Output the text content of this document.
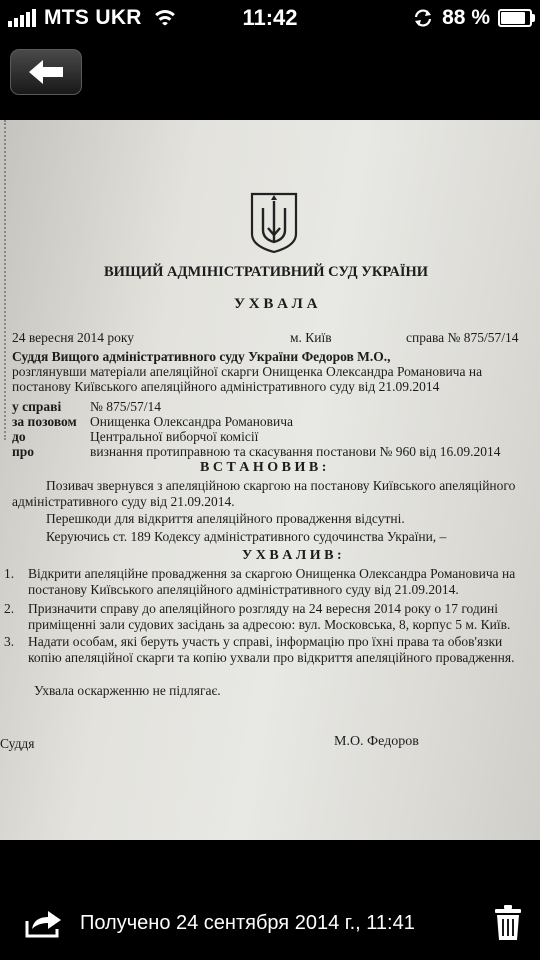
MTS UKR	11:42	88 %
ВИЩИЙ АДМІНІСТРАТИВНИЙ СУД УКРАЇНИ
У Х В А Л А
24 вересня 2014 року	м. Київ	справа № 875/57/14
Суддя Вищого адміністративного суду України Федоров М.О.,
розглянувши матеріали апеляційної скарги Онищенка Олександра Романовича на
постанову Київського апеляційного адміністративного суду від 21.09.2014
у справі № 875/57/14
за позовом Онищенка Олександра Романовича
до	Центральної виборчої комісії
про	визнання протиправною та скасування постанови № 960 від 16.09.2014
В С Т А Н О В И В :
Позивач звернувся з апеляційною скаргою на постанову Київського апеляційного
адміністративного суду від 21.09.2014.
Перешкоди для відкриття апеляційного провадження відсутні.
Керуючись ст. 189 Кодексу адміністративного судочинства України, –
У Х В А Л И В :
1. Відкрити апеляційне провадження за скаргою Онищенка Олександра Романовича на
постанову Київського апеляційного адміністративного суду від 21.09.2014.
2. Призначити справу до апеляційного розгляду на 24 вересня 2014 року о 17 годині
приміщенні зали судових засідань за адресою: вул. Московська, 8, корпус 5 м. Київ.
3. Надати особам, які беруть участь у справі, інформацію про їхні права та обов'язки
копію апеляційної скарги та копію ухвали про відкриття апеляційного провадження.
Ухвала оскарженню не підлягає.
Суддя	М.О. Федоров
Получено 24 сентября 2014 г., 11:41
